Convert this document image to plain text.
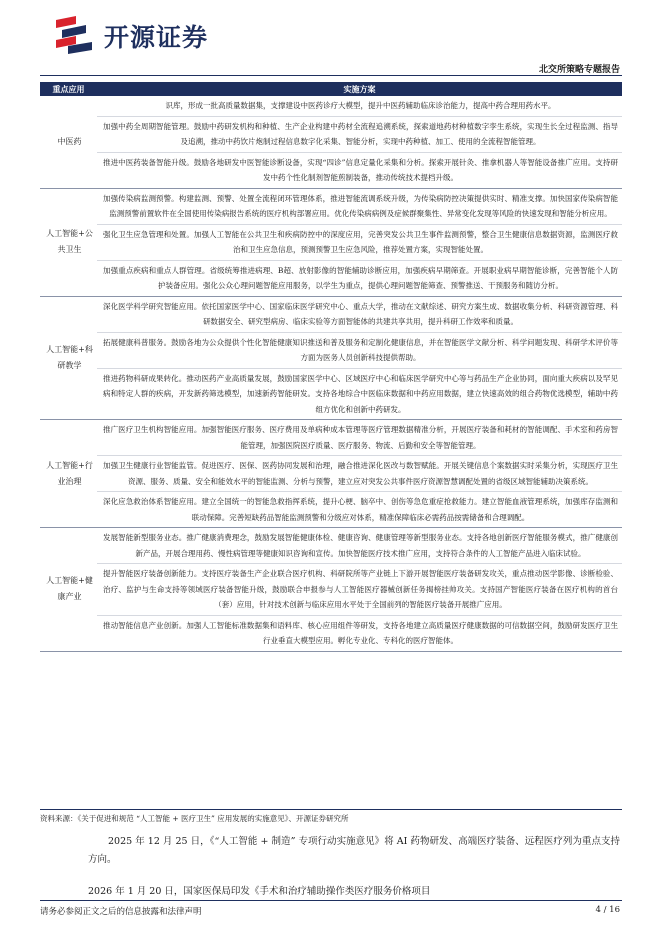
开源证券
北交所策略专题报告
重点应用	实施方案
中医药	识库，形成一批高质量数据集，支撑建设中医药诊疗大模型，提升中医药辅助临床诊治能力，提高中药合理用药水平。
	加强中药全周期智能管理。鼓励中药研发机构和种植、生产企业构建中药材全流程追溯系统，探索道地药材种植数字孪生系统，实现生长全过程监测、指导及追溯，推动中药饮片炮制过程信息数字化采集、智能分析，实现中药种植、加工、使用的全流程智能管理。
	推进中医药装备智能升级。鼓励各地研发中医智能诊断设备，实现“四诊”信息定量化采集和分析。探索开展针灸、推拿机器人等智能设备推广应用。支持研发中药个性化制剂智能煎制装备，推动传统技术提档升级。
人工智能+公共卫生	加强传染病监测预警。构建监测、预警、处置全流程闭环管理体系，推进智能流调系统升级，为传染病防控决策提供实时、精准支撑。加快国家传染病智能监测预警前置软件在全国使用传染病报告系统的医疗机构部署应用。优化传染病病例及症候群聚集性、异常变化发现等风险的快速发现和智能分析应用。
	强化卫生应急管理和处置。加强人工智能在公共卫生和疾病防控中的深度应用，完善突发公共卫生事件监测预警，整合卫生健康信息数据资源，监测医疗救治和卫生应急信息，预测预警卫生应急风险，推荐处置方案，实现智能处置。
	加强重点疾病和重点人群管理。省级统筹推进病理、B超、放射影像的智能辅助诊断应用，加强疾病早期筛查。开展职业病早期智能诊断，完善智能个人防护装备应用。强化公众心理问题智能应用服务，以学生为重点，提供心理问题智能筛查、预警推送、干预服务和随访分析。
人工智能+科研教学	深化医学科学研究智能应用。依托国家医学中心、国家临床医学研究中心、重点大学，推动在文献综述、研究方案生成、数据收集分析、科研资源管理、科研数据安全、研究型病房、临床实验等方面智能体的共建共享共用，提升科研工作效率和质量。
	拓展健康科普服务。鼓励各地为公众提供个性化智能健康知识推送和普及服务和定制化健康信息，并在智能医学文献分析、科学问题发现、科研学术评价等方面为医务人员创新科技提供帮助。
	推进药物科研成果转化。推动医药产业高质量发展，鼓励国家医学中心、区域医疗中心和临床医学研究中心等与药品生产企业协同，面向重大疾病以及罕见病和特定人群的疾病，开发新药筛选模型，加速新药智能研发。支持各地综合中医临床数据和中药应用数据，建立快速高效的组合药物优选模型，辅助中药组方优化和创新中药研发。
人工智能+行业治理	推广医疗卫生机构智能应用。加强智能医疗服务、医疗费用及单病种成本管理等医疗管理数据精准分析，开展医疗装备和耗材的智能调配、手术室和药房智能管理，加强医院医疗质量、医疗服务、物流、后勤和安全等智能管理。
	加强卫生健康行业智能监管。促进医疗、医保、医药协同发展和治理，融合推进深化医改与数智赋能。开展关键信息个案数据实时采集分析，实现医疗卫生资源、服务、质量、安全和能效水平的智能监测、分析与预警，建立应对突发公共事件医疗资源智慧调配处置的省级区域智能辅助决策系统。
	深化应急救治体系智能应用。建立全国统一的智能急救指挥系统，提升心梗、脑卒中、创伤等急危重症抢救能力。建立智能血液管理系统，加强库存监测和联动保障。完善短缺药品智能监测预警和分级应对体系，精准保障临床必需药品按需储备和合理调配。
人工智能+健康产业	发展智能新型服务业态。推广健康消费理念，鼓励发展智能健康体检、健康咨询、健康管理等新型服务业态。支持各地创新医疗智能服务模式，推广健康创新产品，开展合理用药、慢性病管理等健康知识咨询和宣传。加快智能医疗技术推广应用，支持符合条件的人工智能产品进入临床试验。
	提升智能医疗装备创新能力。支持医疗装备生产企业联合医疗机构、科研院所等产业链上下游开展智能医疗装备研发攻关，重点推动医学影像、诊断检验、治疗、监护与生命支持等领域医疗装备智能升级，鼓励联合申报参与人工智能医疗器械创新任务揭榜挂帅攻关。支持国产智能医疗装备在医疗机构的首台（套）应用，针对技术创新与临床应用水平处于全国前列的智能医疗装备开展推广应用。
	推动智能信息产业创新。加强人工智能标准数据集和语料库、核心应用组件等研发，支持各地建立高质量医疗健康数据的可信数据空间，鼓励研发医疗卫生行业垂直大模型应用。孵化专业化、专科化的医疗智能体。
资料来源：《关于促进和规范 “人工智能 + 医疗卫生” 应用发展的实施意见》、开源证券研究所

2025 年 12 月 25 日，《“人工智能 + 制造” 专项行动实施意见》将 AI 药物研发、高端医疗装备、远程医疗列为重点支持方向。

2026 年 1 月 20 日，国家医保局印发《手术和治疗辅助操作类医疗服务价格项目

请务必参阅正文之后的信息披露和法律声明	4 / 16
